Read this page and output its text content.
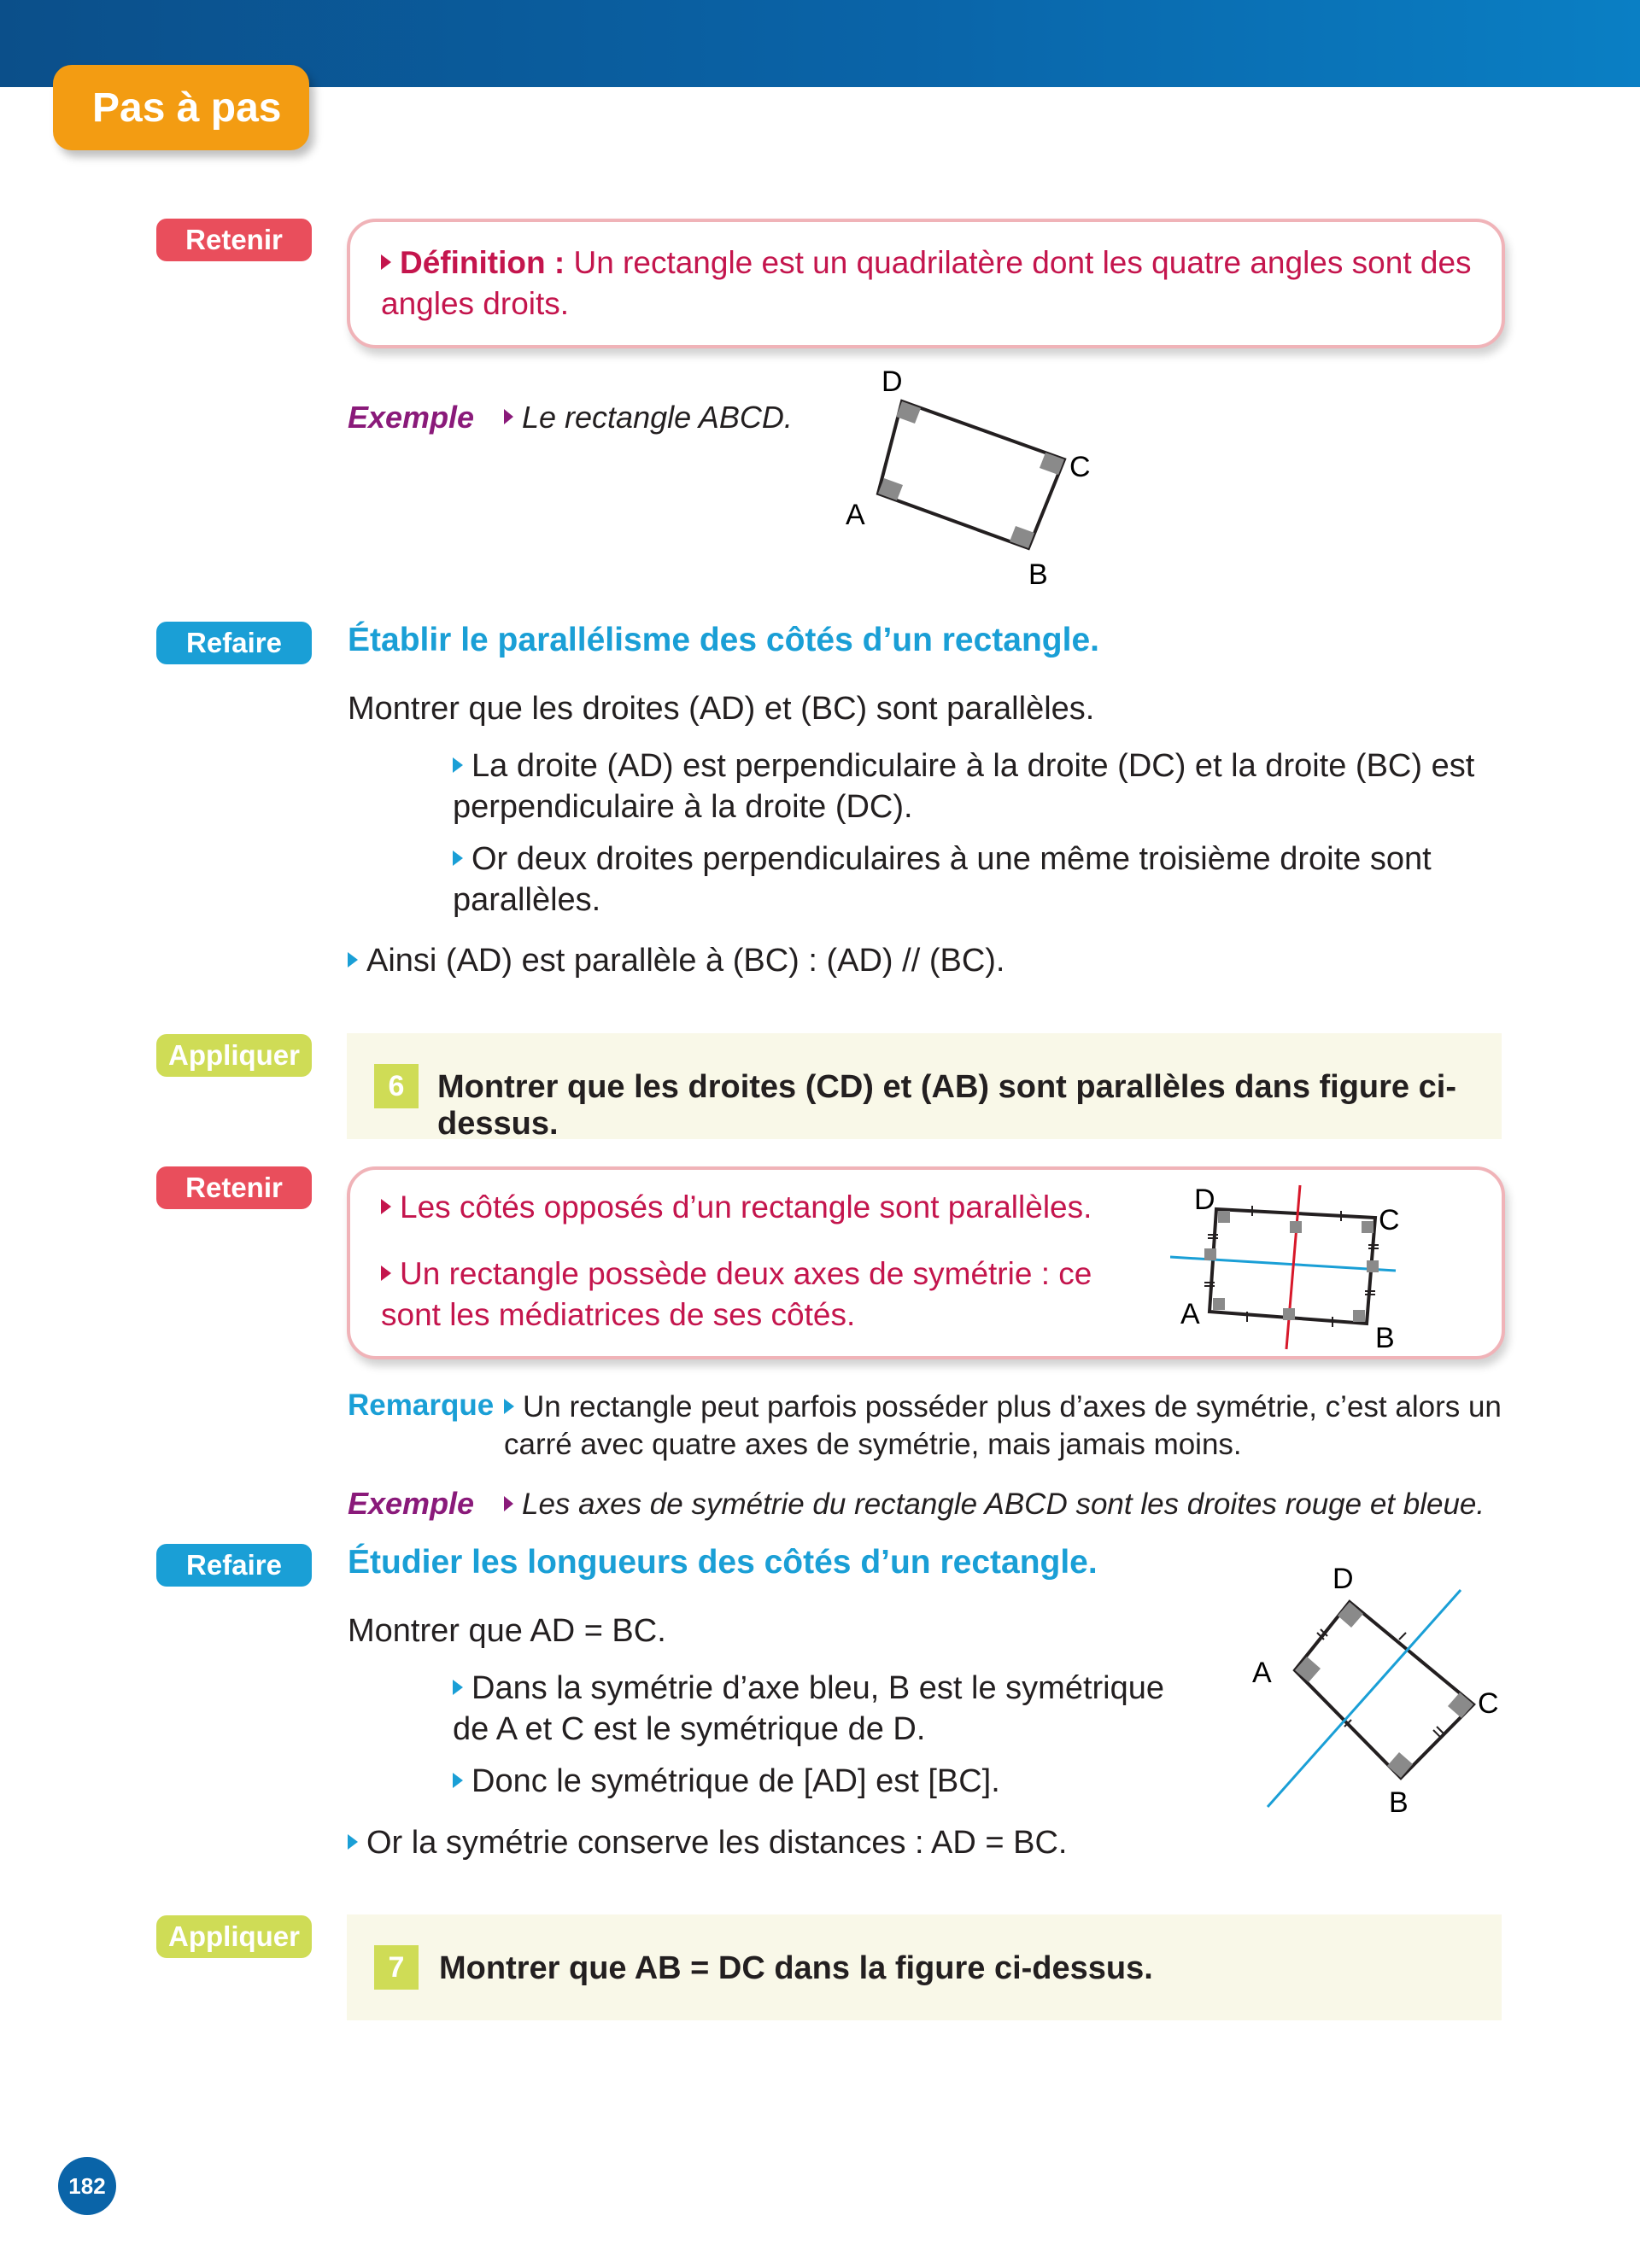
Pas à pas
Retenir
Définition : Un rectangle est un quadrilatère dont les quatre angles sont des angles droits.
Exemple	Le rectangle ABCD.
D
C
A
B
Refaire	Établir le parallélisme des côtés d’un rectangle.
Montrer que les droites (AD) et (BC) sont parallèles.
La droite (AD) est perpendiculaire à la droite (DC) et la droite (BC) est perpendiculaire à la droite (DC).
Or deux droites perpendiculaires à une même troisième droite sont parallèles.
Ainsi (AD) est parallèle à (BC) : (AD) // (BC).
Appliquer
6	Montrer que les droites (CD) et (AB) sont parallèles dans figure ci-dessus.
Retenir
Les côtés opposés d’un rectangle sont parallèles.
Un rectangle possède deux axes de symétrie : ce sont les médiatrices de ses côtés.
D
C
A
B
Remarque Un rectangle peut parfois posséder plus d’axes de symétrie, c’est alors un carré avec quatre axes de symétrie, mais jamais moins.
Exemple	Les axes de symétrie du rectangle ABCD sont les droites rouge et bleue.
Refaire	Étudier les longueurs des côtés d’un rectangle.
Montrer que AD = BC.
Dans la symétrie d’axe bleu, B est le symétrique de A et C est le symétrique de D.
Donc le symétrique de [AD] est [BC].
Or la symétrie conserve les distances : AD = BC.
D
C
A
B
Appliquer
7	Montrer que AB = DC dans la figure ci-dessus.
182
